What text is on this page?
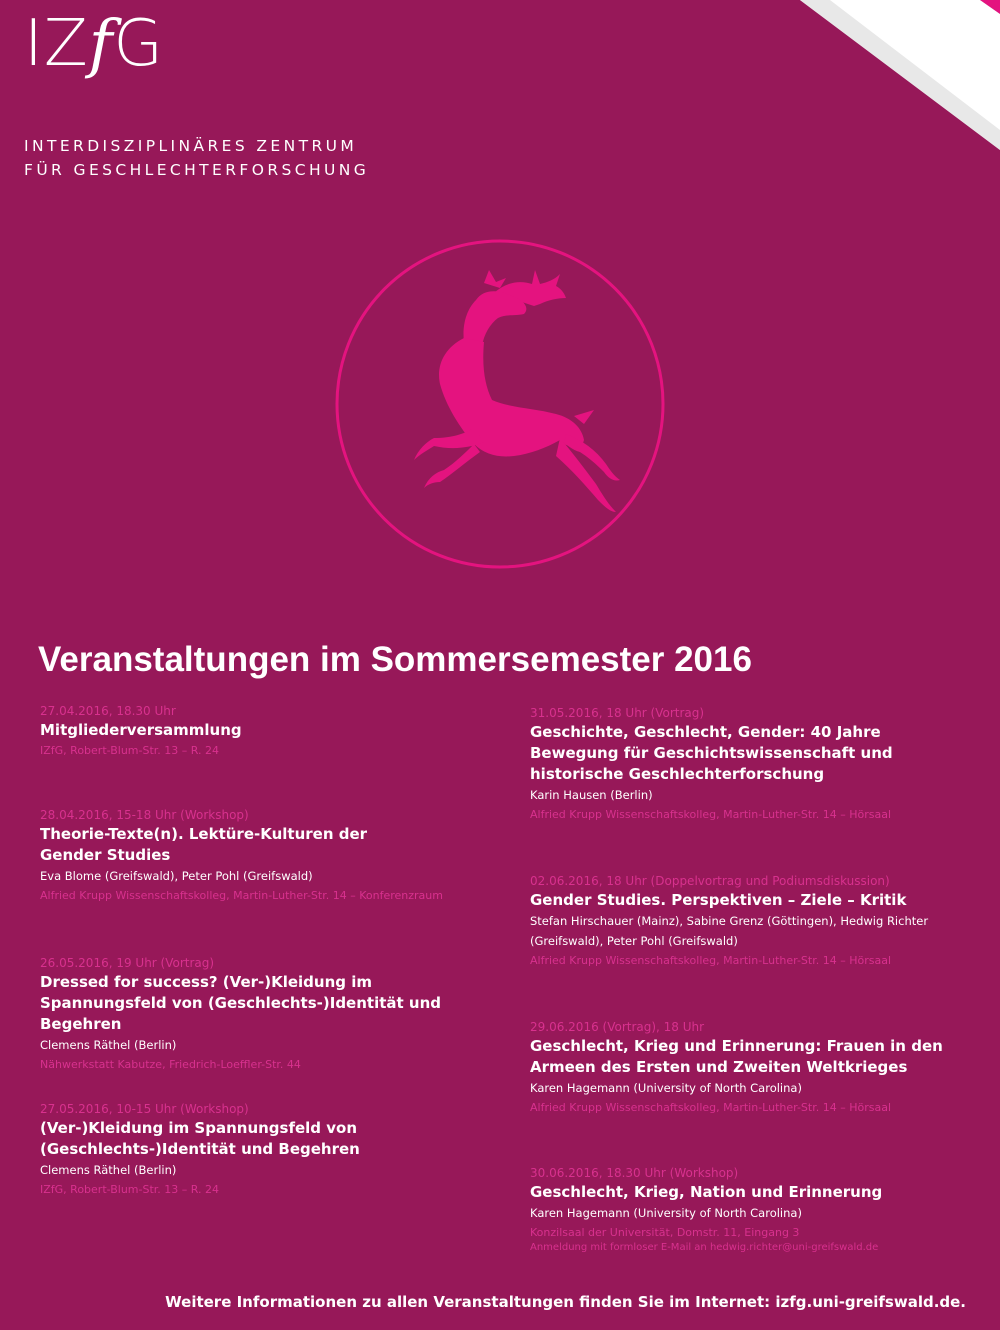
IZfG
INTERDISZIPLINÄRES ZENTRUM
FÜR GESCHLECHTERFORSCHUNG
Veranstaltungen im Sommersemester 2016
27.04.2016, 18.30 Uhr
Mitgliederversammlung
IZfG, Robert-Blum-Str. 13 – R. 24
28.04.2016, 15-18 Uhr (Workshop)
Theorie-Texte(n). Lektüre-Kulturen der Gender Studies
Eva Blome (Greifswald), Peter Pohl (Greifswald)
Alfried Krupp Wissenschaftskolleg, Martin-Luther-Str. 14 – Konferenzraum
26.05.2016, 19 Uhr (Vortrag)
Dressed for success? (Ver-)Kleidung im Spannungsfeld von (Geschlechts-)Identität und Begehren
Clemens Räthel (Berlin)
Nähwerkstatt Kabutze, Friedrich-Loeffler-Str. 44
27.05.2016, 10-15 Uhr (Workshop)
(Ver-)Kleidung im Spannungsfeld von (Geschlechts-)Identität und Begehren
Clemens Räthel (Berlin)
IZfG, Robert-Blum-Str. 13 – R. 24
31.05.2016, 18 Uhr (Vortrag)
Geschichte, Geschlecht, Gender: 40 Jahre Bewegung für Geschichtswissenschaft und historische Geschlechterforschung
Karin Hausen (Berlin)
Alfried Krupp Wissenschaftskolleg, Martin-Luther-Str. 14 – Hörsaal
02.06.2016, 18 Uhr (Doppelvortrag und Podiumsdiskussion)
Gender Studies. Perspektiven – Ziele – Kritik
Stefan Hirschauer (Mainz), Sabine Grenz (Göttingen), Hedwig Richter (Greifswald), Peter Pohl (Greifswald)
Alfried Krupp Wissenschaftskolleg, Martin-Luther-Str. 14 – Hörsaal
29.06.2016 (Vortrag), 18 Uhr
Geschlecht, Krieg und Erinnerung: Frauen in den Armeen des Ersten und Zweiten Weltkrieges
Karen Hagemann (University of North Carolina)
Alfried Krupp Wissenschaftskolleg, Martin-Luther-Str. 14 – Hörsaal
30.06.2016, 18.30 Uhr (Workshop)
Geschlecht, Krieg, Nation und Erinnerung
Karen Hagemann (University of North Carolina)
Konzilsaal der Universität, Domstr. 11, Eingang 3
Anmeldung mit formloser E-Mail an hedwig.richter@uni-greifswald.de
Weitere Informationen zu allen Veranstaltungen finden Sie im Internet: izfg.uni-greifswald.de.
